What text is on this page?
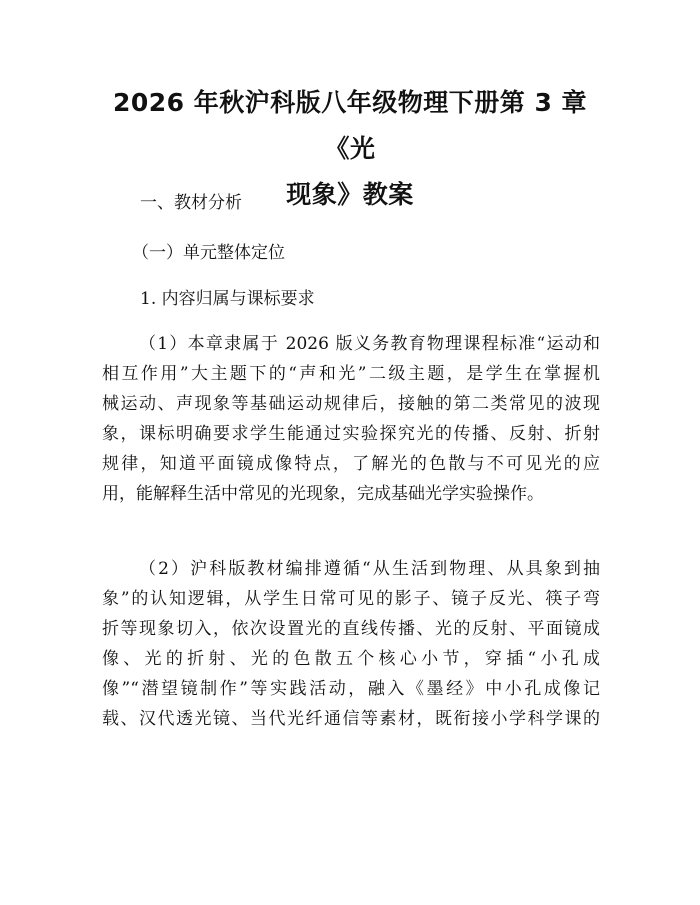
2026 年秋沪科版八年级物理下册第 3 章《光
现象》教案

一、教材分析

（一）单元整体定位

1. 内容归属与课标要求

（1）本章隶属于 2026 版义务教育物理课程标准“运动和
相互作用”大主题下的“声和光”二级主题，是学生在掌握机
械运动、声现象等基础运动规律后，接触的第二类常见的波现
象，课标明确要求学生能通过实验探究光的传播、反射、折射
规律，知道平面镜成像特点，了解光的色散与不可见光的应
用，能解释生活中常见的光现象，完成基础光学实验操作。
（2）沪科版教材编排遵循“从生活到物理、从具象到抽
象”的认知逻辑，从学生日常可见的影子、镜子反光、筷子弯
折等现象切入，依次设置光的直线传播、光的反射、平面镜成
像、光的折射、光的色散五个核心小节，穿插“小孔成
像”“潜望镜制作”等实践活动，融入《墨经》中小孔成像记
载、汉代透光镜、当代光纤通信等素材，既衔接小学科学课的
